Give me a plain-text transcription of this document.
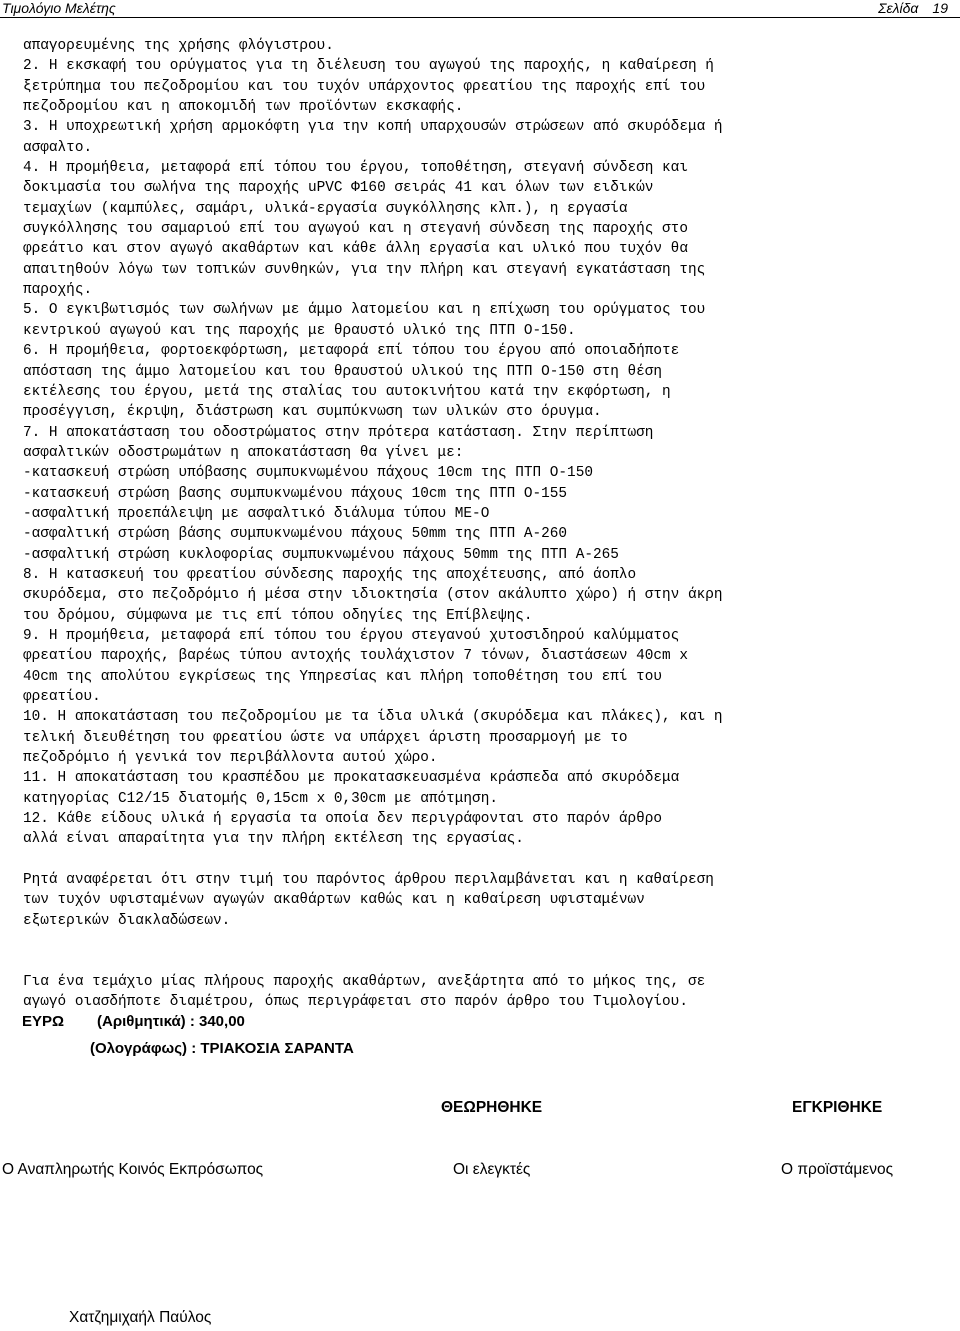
Τιμολόγιο Μελέτης	Σελίδα 19
απαγορευμένης της χρήσης φλόγιστρου.
2. Η εκσκαφή του ορύγματος για τη διέλευση του αγωγού της παροχής, η καθαίρεση ή
ξετρύπημα του πεζοδρομίου και του τυχόν υπάρχοντος φρεατίου της παροχής επί του
πεζοδρομίου και η αποκομιδή των προϊόντων εκσκαφής.
3. Η υποχρεωτική χρήση αρμοκόφτη για την κοπή υπαρχουσών στρώσεων από σκυρόδεμα ή
ασφαλτο.
4. Η προμήθεια, μεταφορά επί τόπου του έργου, τοποθέτηση, στεγανή σύνδεση και
δοκιμασία του σωλήνα της παροχής uPVC Φ160 σειράς 41 και όλων των ειδικών
τεμαχίων (καμπύλες, σαμάρι, υλικά-εργασία συγκόλλησης κλπ.), η εργασία
συγκόλλησης του σαμαριού επί του αγωγού και η στεγανή σύνδεση της παροχής στο
φρεάτιο και στον αγωγό ακαθάρτων και κάθε άλλη εργασία και υλικό που τυχόν θα
απαιτηθούν λόγω των τοπικών συνθηκών, για την πλήρη και στεγανή εγκατάσταση της
παροχής.
5. Ο εγκιβωτισμός των σωλήνων με άμμο λατομείου και η επίχωση του ορύγματος του
κεντρικού αγωγού και της παροχής με θραυστό υλικό της ΠΤΠ Ο-150.
6. Η προμήθεια, φορτοεκφόρτωση, μεταφορά επί τόπου του έργου από οποιαδήποτε
απόσταση της άμμο λατομείου και του θραυστού υλικού της ΠΤΠ Ο-150 στη θέση
εκτέλεσης του έργου, μετά της σταλίας του αυτοκινήτου κατά την εκφόρτωση, η
προσέγγιση, έκριψη, διάστρωση και συμπύκνωση των υλικών στο όρυγμα.
7. Η αποκατάσταση του οδοστρώματος στην πρότερα κατάσταση. Στην περίπτωση
ασφαλτικών οδοστρωμάτων η αποκατάσταση θα γίνει με:
-κατασκευή στρώση υπόβασης συμπυκνωμένου πάχους 10cm της ΠΤΠ Ο-150
-κατασκευή στρώση βασης συμπυκνωμένου πάχους 10cm της ΠΤΠ Ο-155
-ασφαλτική προεπάλειψη με ασφαλτικό διάλυμα τύπου ΜΕ-Ο
-ασφαλτική στρώση βάσης συμπυκνωμένου πάχους 50mm της ΠΤΠ Α-260
-ασφαλτική στρώση κυκλοφορίας συμπυκνωμένου πάχους 50mm της ΠΤΠ Α-265
8. Η κατασκευή του φρεατίου σύνδεσης παροχής της αποχέτευσης, από άοπλο
σκυρόδεμα, στο πεζοδρόμιο ή μέσα στην ιδιοκτησία (στον ακάλυπτο χώρο) ή στην άκρη
του δρόμου, σύμφωνα με τις επί τόπου οδηγίες της Επίβλεψης.
9. Η προμήθεια, μεταφορά επί τόπου του έργου στεγανού χυτοσιδηρού καλύμματος
φρεατίου παροχής, βαρέως τύπου αντοχής τουλάχιστον 7 τόνων, διαστάσεων 40cm x
40cm της απολύτου εγκρίσεως της Υπηρεσίας και πλήρη τοποθέτηση του επί του
φρεατίου.
10. Η αποκατάσταση του πεζοδρομίου με τα ίδια υλικά (σκυρόδεμα και πλάκες), και η
τελική διευθέτηση του φρεατίου ώστε να υπάρχει άριστη προσαρμογή με το
πεζοδρόμιο ή γενικά τον περιβάλλοντα αυτού χώρο.
11. Η αποκατάσταση του κρασπέδου με προκατασκευασμένα κράσπεδα από σκυρόδεμα
κατηγορίας C12/15 διατομής 0,15cm x 0,30cm με απότμηση.
12. Κάθε είδους υλικά ή εργασία τα οποία δεν περιγράφονται στο παρόν άρθρο
αλλά είναι απαραίτητα για την πλήρη εκτέλεση της εργασίας.
Ρητά αναφέρεται ότι στην τιμή του παρόντος άρθρου περιλαμβάνεται και η καθαίρεση
των τυχόν υφισταμένων αγωγών ακαθάρτων καθώς και η καθαίρεση υφισταμένων
εξωτερικών διακλαδώσεων.
Για ένα τεμάχιο μίας πλήρους παροχής ακαθάρτων, ανεξάρτητα από το μήκος της, σε
αγωγό οιασδήποτε διαμέτρου, όπως περιγράφεται στο παρόν άρθρο του Τιμολογίου.
ΕΥΡΩ (Αριθμητικά) : 340,00
(Ολογράφως) : ΤΡΙΑΚΟΣΙΑ ΣΑΡΑΝΤΑ
ΘΕΩΡΗΘΗΚΕ	ΕΓΚΡΙΘΗΚΕ
Ο Αναπληρωτής Κοινός Εκπρόσωπος	Οι ελεγκτές	Ο προϊστάμενος
Χατζημιχαήλ Παύλος
